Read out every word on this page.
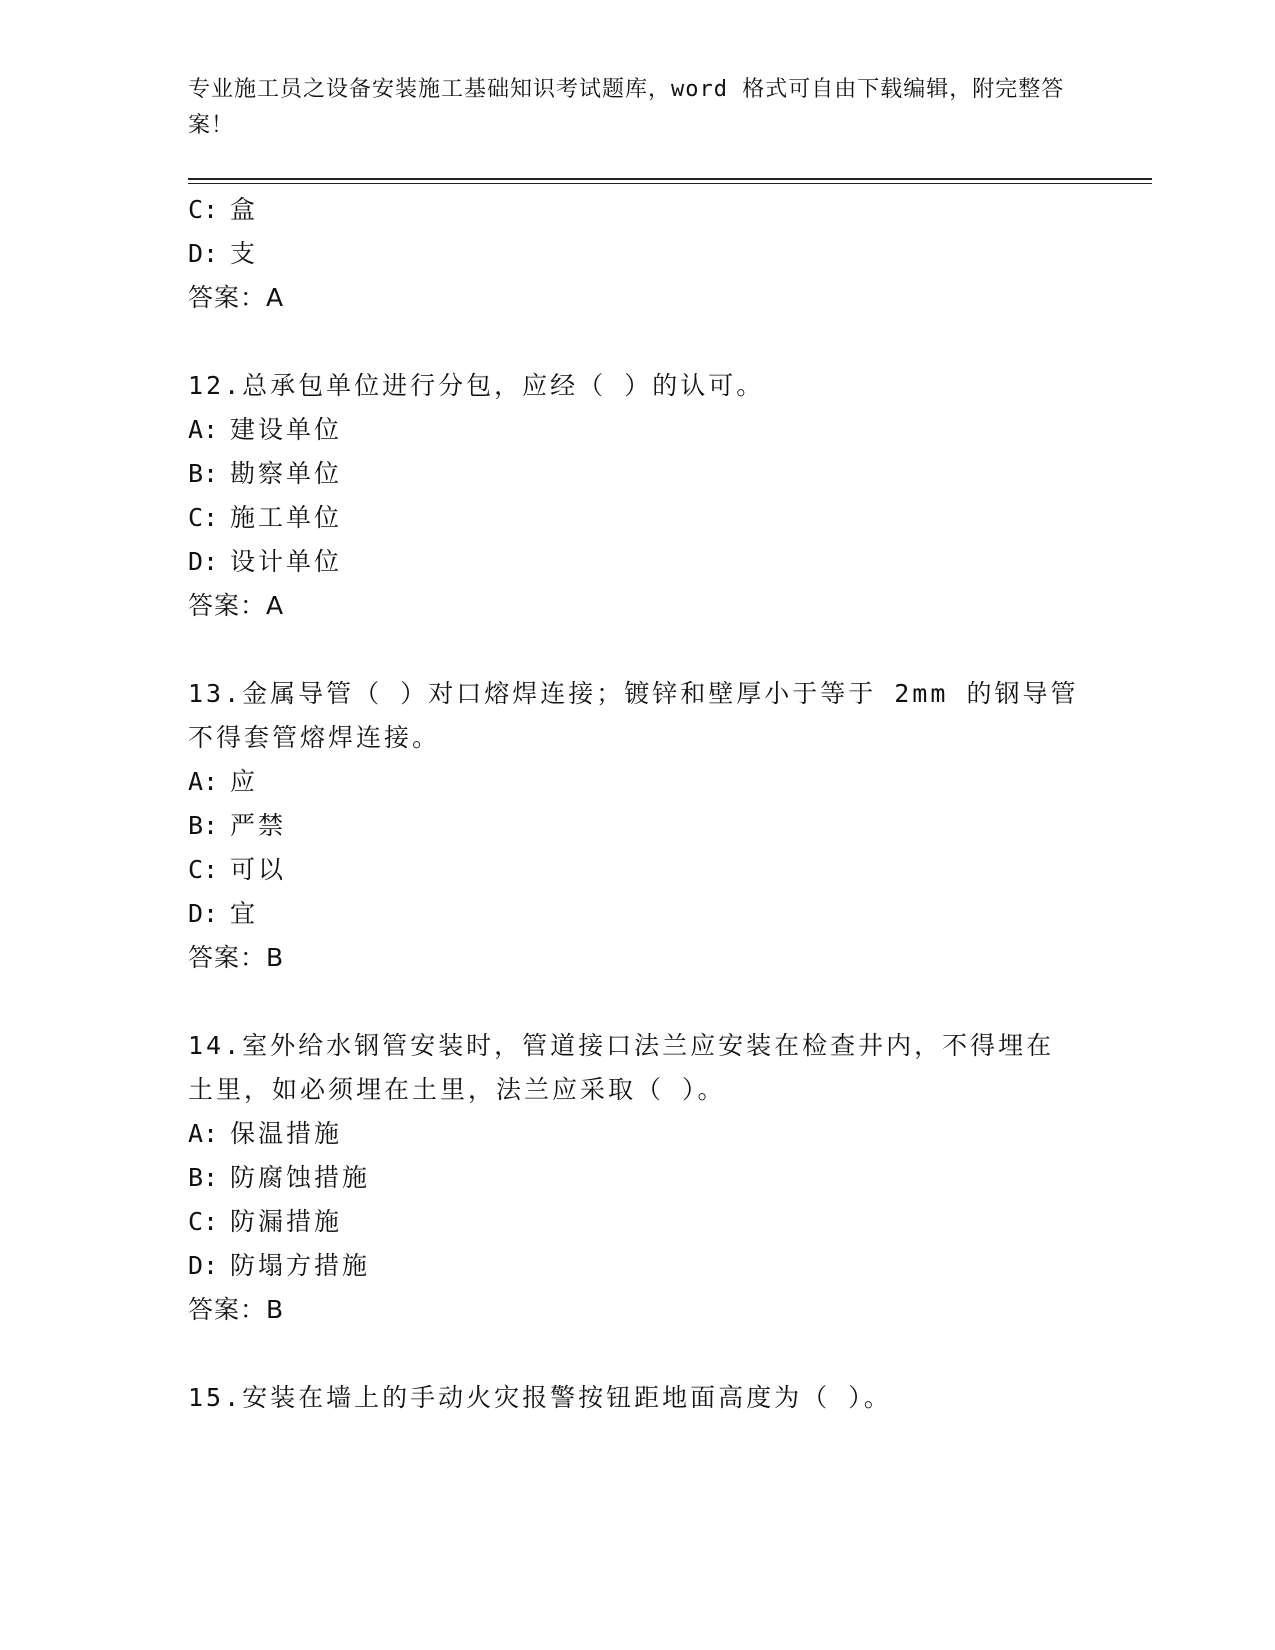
专业施工员之设备安装施工基础知识考试题库，word 格式可自由下载编辑，附完整答案！
C: 盒
D: 支
答案：A
12.总承包单位进行分包，应经（ ）的认可。
A: 建设单位
B: 勘察单位
C: 施工单位
D: 设计单位
答案：A
13.金属导管（ ）对口熔焊连接；镀锌和壁厚小于等于 2mm 的钢导管
不得套管熔焊连接。
A: 应
B: 严禁
C: 可以
D: 宜
答案：B
14.室外给水钢管安装时，管道接口法兰应安装在检查井内，不得埋在
土里，如必须埋在土里，法兰应采取（ ）。
A: 保温措施
B: 防腐蚀措施
C: 防漏措施
D: 防塌方措施
答案：B
15.安装在墙上的手动火灾报警按钮距地面高度为（ ）。
